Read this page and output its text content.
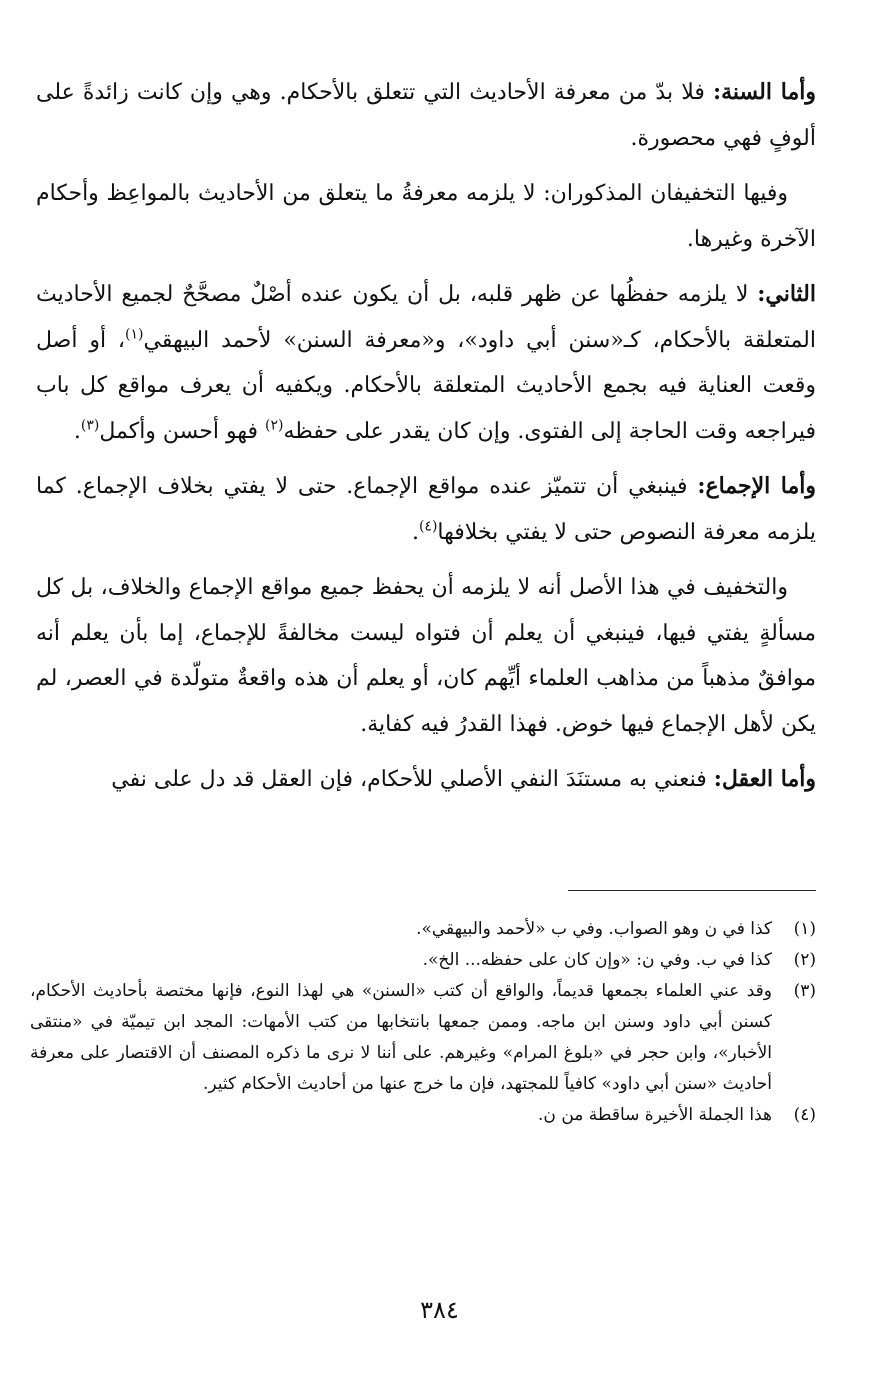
وأما السنة: فلا بدّ من معرفة الأحاديث التي تتعلق بالأحكام. وهي وإن كانت زائدةً على ألوفٍ فهي محصورة.

وفيها التخفيفان المذكوران: لا يلزمه معرفةُ ما يتعلق من الأحاديث بالمواعِظ وأحكام الآخرة وغيرها.

الثاني: لا يلزمه حفظُها عن ظهر قلبه، بل أن يكون عنده أصْلٌ مصحَّحٌ لجميع الأحاديث المتعلقة بالأحكام، كـ«سنن أبي داود»، و«معرفة السنن» لأحمد البيهقي$^{(١)}$، أو أصل وقعت العناية فيه بجمع الأحاديث المتعلقة بالأحكام. ويكفيه أن يعرف مواقع كل باب فيراجعه وقت الحاجة إلى الفتوى. وإن كان يقدر على حفظه$^{(٢)}$ فهو أحسن وأكمل$^{(٣)}$.

وأما الإجماع: فينبغي أن تتميّز عنده مواقع الإجماع. حتى لا يفتي بخلاف الإجماع. كما يلزمه معرفة النصوص حتى لا يفتي بخلافها$^{(٤)}$.

والتخفيف في هذا الأصل أنه لا يلزمه أن يحفظ جميع مواقع الإجماع والخلاف، بل كل مسألةٍ يفتي فيها، فينبغي أن يعلم أن فتواه ليست مخالفةً للإجماع، إما بأن يعلم أنه موافقٌ مذهباً من مذاهب العلماء أيِّهم كان، أو يعلم أن هذه واقعةٌ متولّدة في العصر، لم يكن لأهل الإجماع فيها خوض. فهذا القدرُ فيه كفاية.

وأما العقل: فنعني به مستنَدَ النفي الأصلي للأحكام، فإن العقل قد دل على نفي

(١)
كذا في ن وهو الصواب. وفي ب «لأحمد والبيهقي».
(٢)
كذا في ب. وفي ن: «وإن كان على حفظه... الخ».
(٣)
وقد عني العلماء بجمعها قديماً، والواقع أن كتب «السنن» هي لهذا النوع، فإنها مختصة بأحاديث الأحكام، كسنن أبي داود وسنن ابن ماجه. وممن جمعها بانتخابها من كتب الأمهات: المجد ابن تيميّة في «منتقى الأخبار»، وابن حجر في «بلوغ المرام» وغيرهم. على أننا لا نرى ما ذكره المصنف أن الاقتصار على معرفة أحاديث «سنن أبي داود» كافياً للمجتهد، فإن ما خرج عنها من أحاديث الأحكام كثير.
(٤)
هذا الجملة الأخيرة ساقطة من ن.
٣٨٤
